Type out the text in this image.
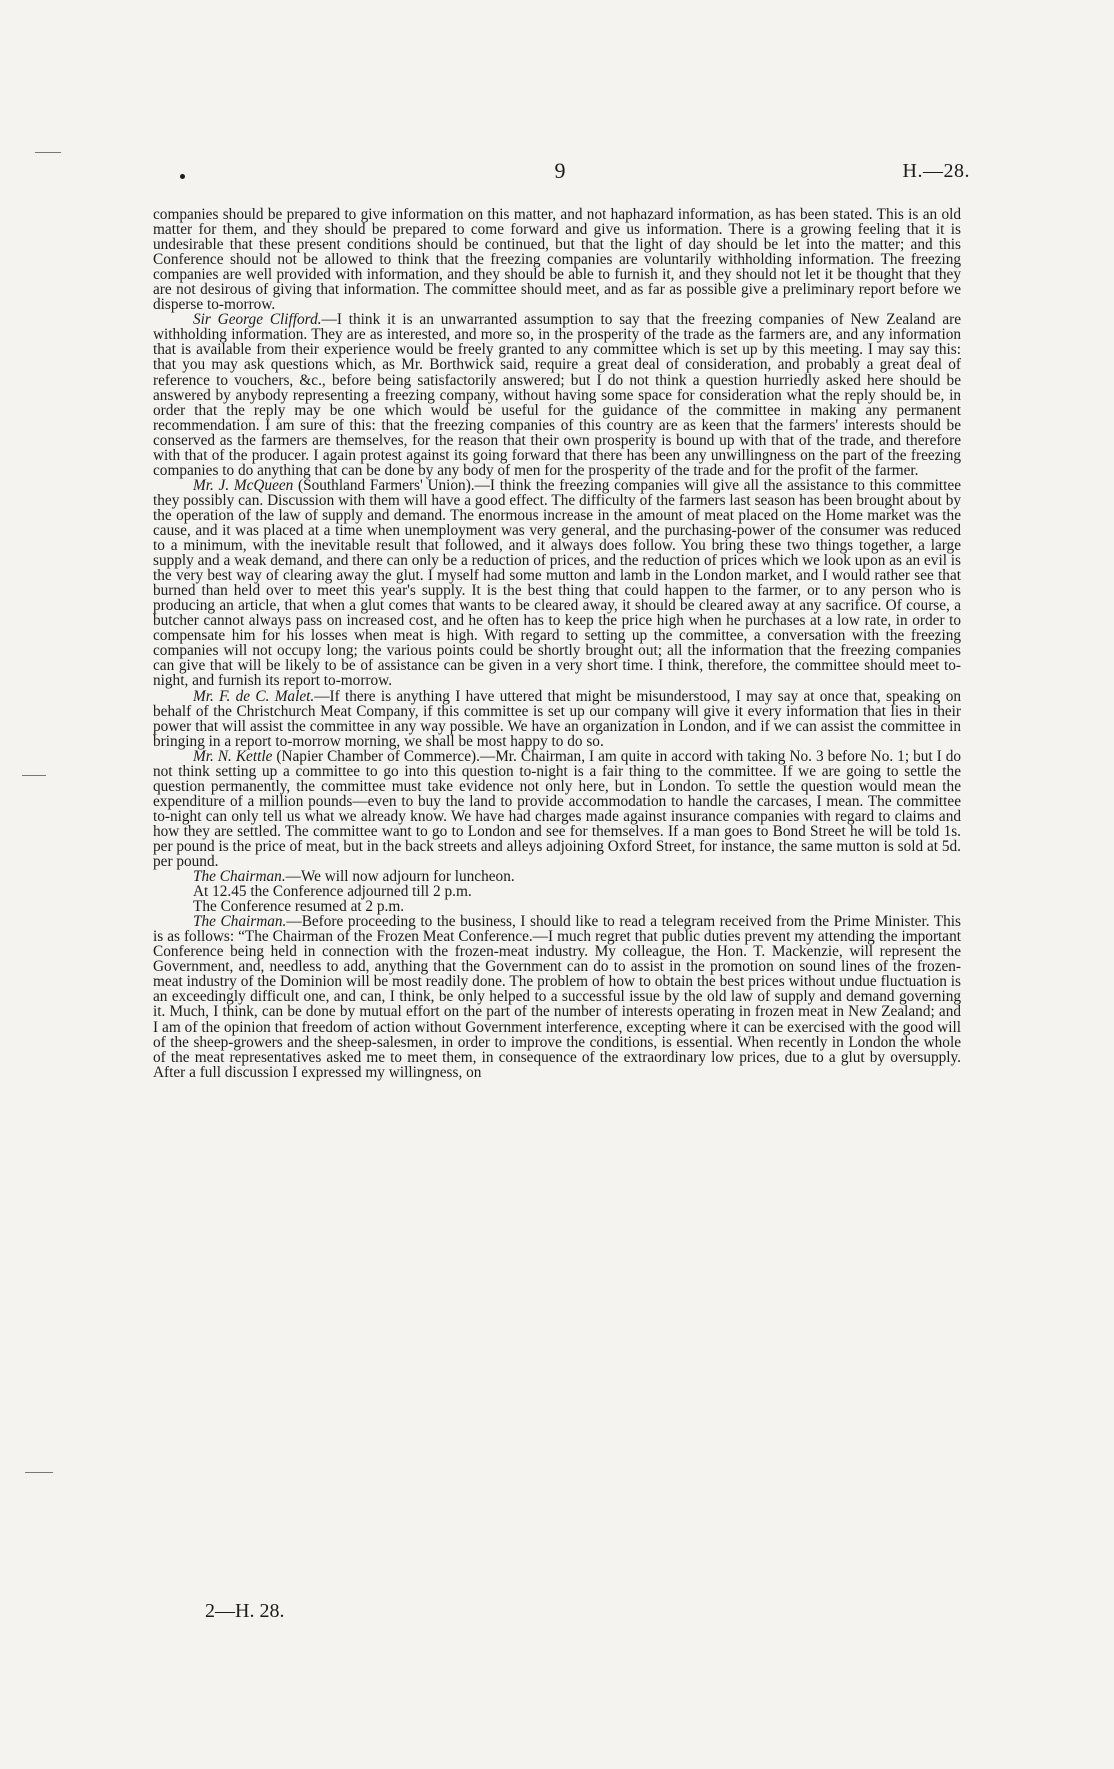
9	H.—28.

companies should be prepared to give information on this matter, and not haphazard information, as has been stated. This is an old matter for them, and they should be prepared to come forward and give us information. There is a growing feeling that it is undesirable that these present conditions should be continued, but that the light of day should be let into the matter; and this Conference should not be allowed to think that the freezing companies are voluntarily withholding information. The freezing companies are well provided with information, and they should be able to furnish it, and they should not let it be thought that they are not desirous of giving that information. The committee should meet, and as far as possible give a preliminary report before we disperse to-morrow.

Sir George Clifford.—I think it is an unwarranted assumption to say that the freezing companies of New Zealand are withholding information. They are as interested, and more so, in the prosperity of the trade as the farmers are, and any information that is available from their experience would be freely granted to any committee which is set up by this meeting. I may say this: that you may ask questions which, as Mr. Borthwick said, require a great deal of consideration, and probably a great deal of reference to vouchers, &c., before being satisfactorily answered; but I do not think a question hurriedly asked here should be answered by anybody representing a freezing company, without having some space for consideration what the reply should be, in order that the reply may be one which would be useful for the guidance of the committee in making any permanent recommendation. I am sure of this: that the freezing companies of this country are as keen that the farmers' interests should be conserved as the farmers are themselves, for the reason that their own prosperity is bound up with that of the trade, and therefore with that of the producer. I again protest against its going forward that there has been any unwillingness on the part of the freezing companies to do anything that can be done by any body of men for the prosperity of the trade and for the profit of the farmer.

Mr. J. McQueen (Southland Farmers' Union).—I think the freezing companies will give all the assistance to this committee they possibly can. Discussion with them will have a good effect. The difficulty of the farmers last season has been brought about by the operation of the law of supply and demand. The enormous increase in the amount of meat placed on the Home market was the cause, and it was placed at a time when unemployment was very general, and the purchasing-power of the consumer was reduced to a minimum, with the inevitable result that followed, and it always does follow. You bring these two things together, a large supply and a weak demand, and there can only be a reduction of prices, and the reduction of prices which we look upon as an evil is the very best way of clearing away the glut. I myself had some mutton and lamb in the London market, and I would rather see that burned than held over to meet this year's supply. It is the best thing that could happen to the farmer, or to any person who is producing an article, that when a glut comes that wants to be cleared away, it should be cleared away at any sacrifice. Of course, a butcher cannot always pass on increased cost, and he often has to keep the price high when he purchases at a low rate, in order to compensate him for his losses when meat is high. With regard to setting up the committee, a conversation with the freezing companies will not occupy long; the various points could be shortly brought out; all the information that the freezing companies can give that will be likely to be of assistance can be given in a very short time. I think, therefore, the committee should meet to-night, and furnish its report to-morrow.

Mr. F. de C. Malet.—If there is anything I have uttered that might be misunderstood, I may say at once that, speaking on behalf of the Christchurch Meat Company, if this committee is set up our company will give it every information that lies in their power that will assist the committee in any way possible. We have an organization in London, and if we can assist the committee in bringing in a report to-morrow morning, we shall be most happy to do so.

Mr. N. Kettle (Napier Chamber of Commerce).—Mr. Chairman, I am quite in accord with taking No. 3 before No. 1; but I do not think setting up a committee to go into this question to-night is a fair thing to the committee. If we are going to settle the question permanently, the committee must take evidence not only here, but in London. To settle the question would mean the expenditure of a million pounds—even to buy the land to provide accommodation to handle the carcases, I mean. The committee to-night can only tell us what we already know. We have had charges made against insurance companies with regard to claims and how they are settled. The committee want to go to London and see for themselves. If a man goes to Bond Street he will be told 1s. per pound is the price of meat, but in the back streets and alleys adjoining Oxford Street, for instance, the same mutton is sold at 5d. per pound.

The Chairman.—We will now adjourn for luncheon.

At 12.45 the Conference adjourned till 2 p.m.

The Conference resumed at 2 p.m.

The Chairman.—Before proceeding to the business, I should like to read a telegram received from the Prime Minister. This is as follows: “The Chairman of the Frozen Meat Conference.—I much regret that public duties prevent my attending the important Conference being held in connection with the frozen-meat industry. My colleague, the Hon. T. Mackenzie, will represent the Government, and, needless to add, anything that the Government can do to assist in the promotion on sound lines of the frozen-meat industry of the Dominion will be most readily done. The problem of how to obtain the best prices without undue fluctuation is an exceedingly difficult one, and can, I think, be only helped to a successful issue by the old law of supply and demand governing it. Much, I think, can be done by mutual effort on the part of the number of interests operating in frozen meat in New Zealand; and I am of the opinion that freedom of action without Government interference, excepting where it can be exercised with the good will of the sheep-growers and the sheep-salesmen, in order to improve the conditions, is essential. When recently in London the whole of the meat representatives asked me to meet them, in consequence of the extraordinary low prices, due to a glut by oversupply. After a full discussion I expressed my willingness, on

2—H. 28.
